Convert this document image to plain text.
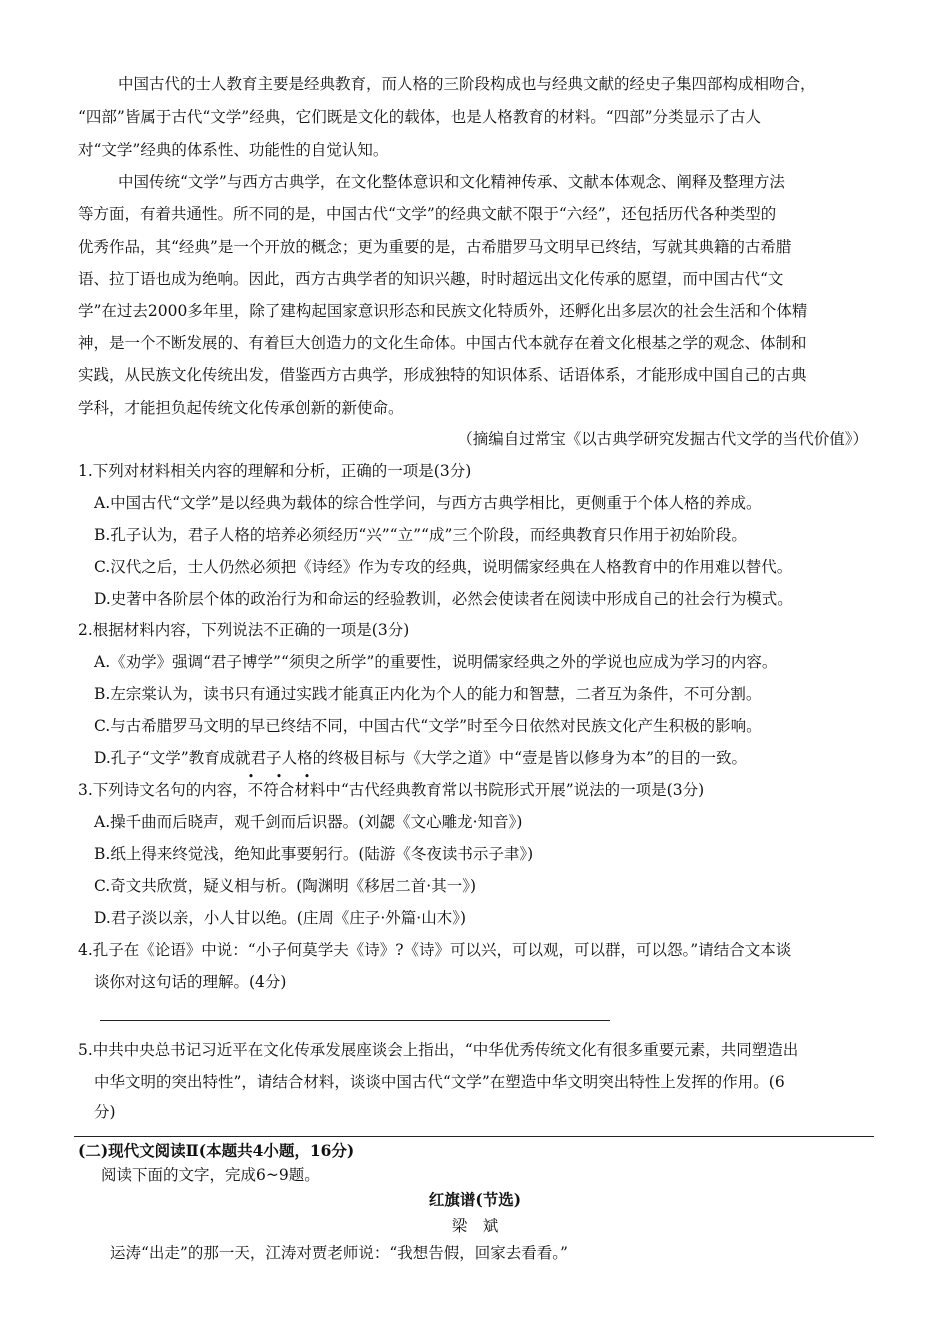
中国古代的士人教育主要是经典教育，而人格的三阶段构成也与经典文献的经史子集四部构成相吻合，
“四部”皆属于古代“文学”经典，它们既是文化的载体，也是人格教育的材料。“四部”分类显示了古人
对“文学”经典的体系性、功能性的自觉认知。
中国传统“文学”与西方古典学，在文化整体意识和文化精神传承、文献本体观念、阐释及整理方法
等方面，有着共通性。所不同的是，中国古代“文学”的经典文献不限于“六经”，还包括历代各种类型的
优秀作品，其“经典”是一个开放的概念；更为重要的是，古希腊罗马文明早已终结，写就其典籍的古希腊
语、拉丁语也成为绝响。因此，西方古典学者的知识兴趣，时时超远出文化传承的愿望，而中国古代“文
学”在过去2000多年里，除了建构起国家意识形态和民族文化特质外，还孵化出多层次的社会生活和个体精
神，是一个不断发展的、有着巨大创造力的文化生命体。中国古代本就存在着文化根基之学的观念、体制和
实践，从民族文化传统出发，借鉴西方古典学，形成独特的知识体系、话语体系，才能形成中国自己的古典
学科，才能担负起传统文化传承创新的新使命。
（摘编自过常宝《以古典学研究发掘古代文学的当代价值》）
1.下列对材料相关内容的理解和分析，正确的一项是(3分)
A.中国古代“文学”是以经典为载体的综合性学问，与西方古典学相比，更侧重于个体人格的养成。
B.孔子认为，君子人格的培养必须经历“兴”“立”“成”三个阶段，而经典教育只作用于初始阶段。
C.汉代之后，士人仍然必须把《诗经》作为专攻的经典，说明儒家经典在人格教育中的作用难以替代。
D.史著中各阶层个体的政治行为和命运的经验教训，必然会使读者在阅读中形成自己的社会行为模式。
2.根据材料内容，下列说法不正确的一项是(3分)
A.《劝学》强调“君子博学”“须臾之所学”的重要性，说明儒家经典之外的学说也应成为学习的内容。
B.左宗棠认为，读书只有通过实践才能真正内化为个人的能力和智慧，二者互为条件，不可分割。
C.与古希腊罗马文明的早已终结不同，中国古代“文学”时至今日依然对民族文化产生积极的影响。
D.孔子“文学”教育成就君子人格的终极目标与《大学之道》中“壹是皆以修身为本”的目的一致。
3.下列诗文名句的内容，
• • •
不符合材料中“古代经典教育常以书院形式开展”说法的一项是(3分)
A.操千曲而后晓声，观千剑而后识器。(刘勰《文心雕龙·知音》)
B.纸上得来终觉浅，绝知此事要躬行。(陆游《冬夜读书示子聿》)
C.奇文共欣赏，疑义相与析。(陶渊明《移居二首·其一》)
D.君子淡以亲，小人甘以绝。(庄周《庄子·外篇·山木》)
4.孔子在《论语》中说：“小子何莫学夫《诗》?《诗》可以兴，可以观，可以群，可以怨。”请结合文本谈
谈你对这句话的理解。(4分)
5.中共中央总书记习近平在文化传承发展座谈会上指出，“中华优秀传统文化有很多重要元素，共同塑造出
中华文明的突出特性”，请结合材料，谈谈中国古代“文学”在塑造中华文明突出特性上发挥的作用。(6
分)
(二)现代文阅读Ⅱ(本题共4小题，16分)
阅读下面的文字，完成6~9题。
红旗谱(节选)
梁　斌
运涛“出走”的那一天，江涛对贾老师说：“我想告假，回家去看看。”
